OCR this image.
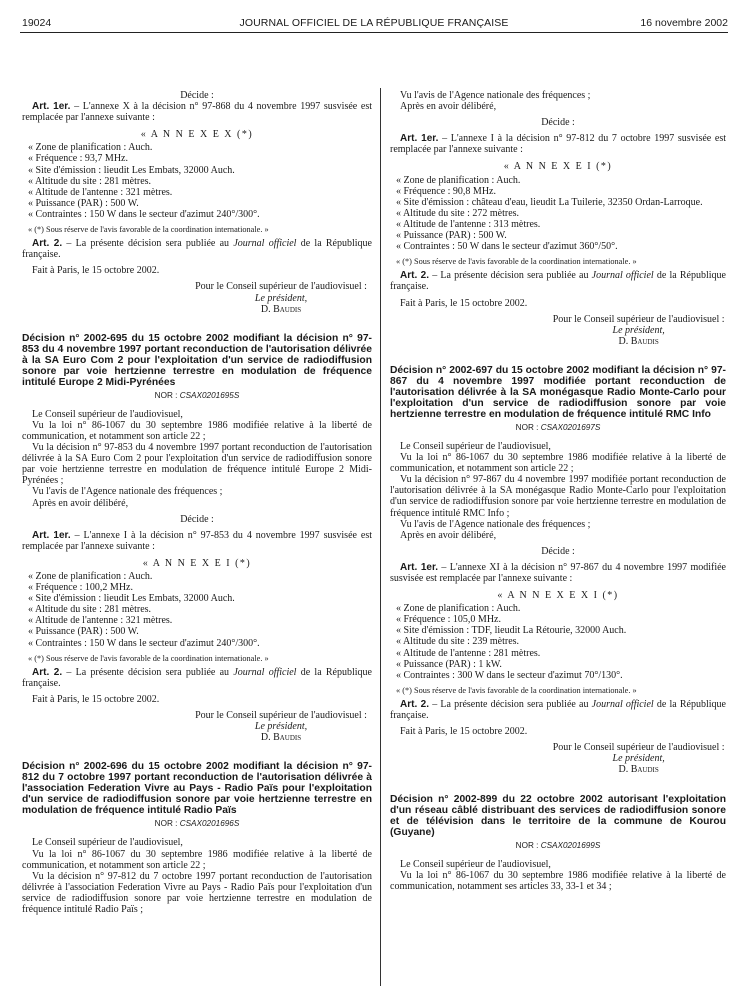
19024	JOURNAL OFFICIEL DE LA RÉPUBLIQUE FRANÇAISE	16 novembre 2002

Décide :

Art. 1er. – L'annexe X à la décision n° 97-868 du 4 novembre 1997 susvisée est remplacée par l'annexe suivante :

« A N N E X E X (*)

« Zone de planification : Auch.

« Fréquence : 93,7 MHz.

« Site d'émission : lieudit Les Embats, 32000 Auch.

« Altitude du site : 281 mètres.

« Altitude de l'antenne : 321 mètres.

« Puissance (PAR) : 500 W.

« Contraintes : 150 W dans le secteur d'azimut 240°/300°.

« (*) Sous réserve de l'avis favorable de la coordination internationale. »

Art. 2. – La présente décision sera publiée au Journal officiel de la République française.

Fait à Paris, le 15 octobre 2002.

Pour le Conseil supérieur de l'audiovisuel :

Le président,

D. Baudis

Décision n° 2002-695 du 15 octobre 2002 modifiant la décision n° 97-853 du 4 novembre 1997 portant reconduction de l'autorisation délivrée à la SA Euro Com 2 pour l'exploitation d'un service de radiodiffusion sonore par voie hertzienne terrestre en modulation de fréquence intitulé Europe 2 Midi-Pyrénées

NOR : CSAX0201695S

Le Conseil supérieur de l'audiovisuel,

Vu la loi n° 86-1067 du 30 septembre 1986 modifiée relative à la liberté de communication, et notamment son article 22 ;

Vu la décision n° 97-853 du 4 novembre 1997 portant reconduction de l'autorisation délivrée à la SA Euro Com 2 pour l'exploitation d'un service de radiodiffusion sonore par voie hertzienne terrestre en modulation de fréquence intitulé Europe 2 Midi-Pyrénées ;

Vu l'avis de l'Agence nationale des fréquences ;

Après en avoir délibéré,

Décide :

Art. 1er. – L'annexe I à la décision n° 97-853 du 4 novembre 1997 susvisée est remplacée par l'annexe suivante :

« A N N E X E I (*)

« Zone de planification : Auch.

« Fréquence : 100,2 MHz.

« Site d'émission : lieudit Les Embats, 32000 Auch.

« Altitude du site : 281 mètres.

« Altitude de l'antenne : 321 mètres.

« Puissance (PAR) : 500 W.

« Contraintes : 150 W dans le secteur d'azimut 240°/300°.

« (*) Sous réserve de l'avis favorable de la coordination internationale. »

Art. 2. – La présente décision sera publiée au Journal officiel de la République française.

Fait à Paris, le 15 octobre 2002.

Pour le Conseil supérieur de l'audiovisuel :

Le président,

D. Baudis

Décision n° 2002-696 du 15 octobre 2002 modifiant la décision n° 97-812 du 7 octobre 1997 portant reconduction de l'autorisation délivrée à l'association Federation Vivre au Pays - Radio Païs pour l'exploitation d'un service de radiodiffusion sonore par voie hertzienne terrestre en modulation de fréquence intitulé Radio Païs

NOR : CSAX0201696S

Le Conseil supérieur de l'audiovisuel,

Vu la loi n° 86-1067 du 30 septembre 1986 modifiée relative à la liberté de communication, et notamment son article 22 ;

Vu la décision n° 97-812 du 7 octobre 1997 portant reconduction de l'autorisation délivrée à l'association Federation Vivre au Pays - Radio Païs pour l'exploitation d'un service de radiodiffusion sonore par voie hertzienne terrestre en modulation de fréquence intitulé Radio Païs ;

Vu l'avis de l'Agence nationale des fréquences ;

Après en avoir délibéré,

Décide :

Art. 1er. – L'annexe I à la décision n° 97-812 du 7 octobre 1997 susvisée est remplacée par l'annexe suivante :

« A N N E X E I (*)

« Zone de planification : Auch.

« Fréquence : 90,8 MHz.

« Site d'émission : château d'eau, lieudit La Tuilerie, 32350 Ordan-Larroque.

« Altitude du site : 272 mètres.

« Altitude de l'antenne : 313 mètres.

« Puissance (PAR) : 500 W.

« Contraintes : 50 W dans le secteur d'azimut 360°/50°.

« (*) Sous réserve de l'avis favorable de la coordination internationale. »

Art. 2. – La présente décision sera publiée au Journal officiel de la République française.

Fait à Paris, le 15 octobre 2002.

Pour le Conseil supérieur de l'audiovisuel :

Le président,

D. Baudis

Décision n° 2002-697 du 15 octobre 2002 modifiant la décision n° 97-867 du 4 novembre 1997 modifiée portant reconduction de l'autorisation délivrée à la SA monégasque Radio Monte-Carlo pour l'exploitation d'un service de radiodiffusion sonore par voie hertzienne terrestre en modulation de fréquence intitulé RMC Info

NOR : CSAX0201697S

Le Conseil supérieur de l'audiovisuel,

Vu la loi n° 86-1067 du 30 septembre 1986 modifiée relative à la liberté de communication, et notamment son article 22 ;

Vu la décision n° 97-867 du 4 novembre 1997 modifiée portant reconduction de l'autorisation délivrée à la SA monégasque Radio Monte-Carlo pour l'exploitation d'un service de radiodiffusion sonore par voie hertzienne terrestre en modulation de fréquence intitulé RMC Info ;

Vu l'avis de l'Agence nationale des fréquences ;

Après en avoir délibéré,

Décide :

Art. 1er. – L'annexe XI à la décision n° 97-867 du 4 novembre 1997 modifiée susvisée est remplacée par l'annexe suivante :

« A N N E X E X I (*)

« Zone de planification : Auch.

« Fréquence : 105,0 MHz.

« Site d'émission : TDF, lieudit La Rétourie, 32000 Auch.

« Altitude du site : 239 mètres.

« Altitude de l'antenne : 281 mètres.

« Puissance (PAR) : 1 kW.

« Contraintes : 300 W dans le secteur d'azimut 70°/130°.

« (*) Sous réserve de l'avis favorable de la coordination internationale. »

Art. 2. – La présente décision sera publiée au Journal officiel de la République française.

Fait à Paris, le 15 octobre 2002.

Pour le Conseil supérieur de l'audiovisuel :

Le président,

D. Baudis

Décision n° 2002-899 du 22 octobre 2002 autorisant l'exploitation d'un réseau câblé distribuant des services de radiodiffusion sonore et de télévision dans le territoire de la commune de Kourou (Guyane)

NOR : CSAX0201699S

Le Conseil supérieur de l'audiovisuel,

Vu la loi n° 86-1067 du 30 septembre 1986 modifiée relative à la liberté de communication, notamment ses articles 33, 33-1 et 34 ;
